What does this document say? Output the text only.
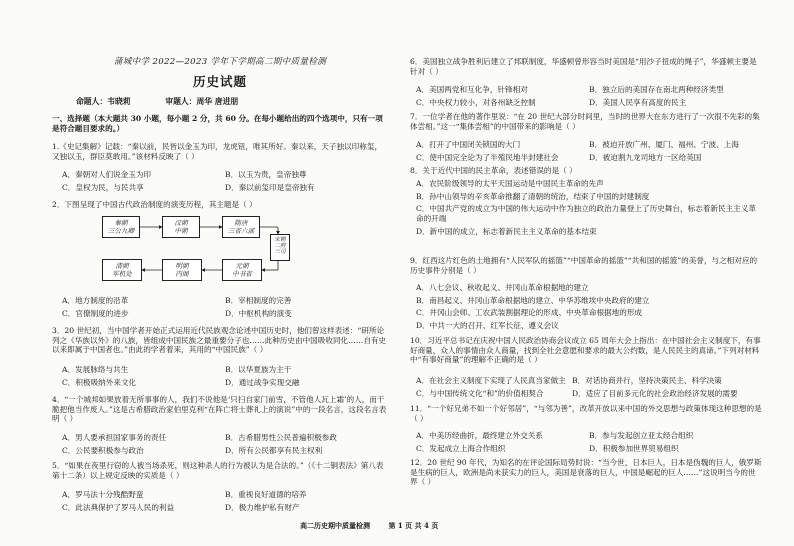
蒲城中学 2022—2023 学年下学期高二期中质量检测
历史试题
命题人：韦晓莉	审题人：周华 唐进朋
一、选择题（本大题共 30 小题，每小题 2 分，共 60 分。在每小题给出的四个选项中，只有一项是符合题目要求的。）
1.《史记集解》记载：“秦以前，民皆以金玉为印，龙虎钮，唯其所好。秦以来，天子独以印称玺，又独以玉，群臣莫敢用。”该材料反映了（ ）
A．秦朝对人们说金玉为印	B．以玉为贵，皇帝独尊
C．皇权为民，与民共享	D．秦以前玺印是皇帝独有
2．下图呈现了中国古代政治制度的演变历程，其主题是（ ）
A．地方制度的沿革	B．宰相制度的完善
C．官僚制度的进步	D．中枢机构的演变
3．20 世纪初，当中国学者开始正式运用近代民族观念论述中国历史时，他们曾这样表述：“研所论列之《华族以外》的八族，皆组成中国民族之最重要分子也……此种历史由中国吸收同化……自有史以来即属于中国者也。”由此的学者着来，其用的“中国民族”（ ）
A．发展脉络与共生	B．以华夏族为主干
C．积极吸纳外来文化	D．通过战争实现交融
4．“一个城邦如果放着无所事事的人，我们不说他是‘只扫自家门前雪，不管他人瓦上霜’的人，而干脆把他当作废人。”这是古希腊政治家伯里克利“在阵亡将士葬礼上的演说”中的一段名言，这段名言表明（ ）
A．男人要承担国家事务的责任	B．古希腊男性公民普遍积极参政
C．公民要积极参与政治	D．所有公民都享有民主权利
5．“如果在夜里行窃的人被当场杀死，则这种杀人的行为被认为是合法的。”（《十二铜表法》第八表第十二条）以上规定反映的实质是（ ）
A．罗马法十分残酷野蛮	B．重视良好道德的培养
C．此法典保护了罗马人民的利益	D．极力维护私有财产
秦朝
三公九卿
汉朝
中朝
隋唐
三省六部
宋朝
二府三司
清朝
军机处
明朝
内阁
元朝
中书省
6．美国独立战争胜利后建立了邦联制度，华盛顿曾形容当时美国是“用沙子扭成的绳子”，华盛顿主要是针对（ ）
A．美国两党和互化争，针锋相对	B．独立后的美国存在南北两种经济类型
C．中央权力较小，对各州缺乏控制	D．美国人民享有高度的民主
7．一位学者在他的著作里说：“在 20 世纪大部分时间里，当时的世界大在东方进行了一次很不先彩的集体尝相。”这一“集体尝相”的中国带来的影响是（ ）
A．打开了中国闭关锁国的大门	B．被迫开放广州、厦门、福州、宁波、上海
C．使中国完全论为了半殖民地半封建社会	D．被迫割九龙司地方一区给英国
8．关于近代中国的民主革命，表述错误的是（ ）
A．农民阶级领导的太平天国运动是中国民主革命的先声
B．孙中山领导的辛亥革命推翻了清朝的统治，结束了中国的封建制度
C．中国共产党的成立为中国的伟大运动中作为独立的政治力量登上了历史舞台，标志着新民主主义革命的开端
D．新中国的成立，标志着新民主主义革命的基本结束
9．红西这片红色的土地拥有“人民军队的摇篮”“中国革命的摇篮”“共和国的摇篮”的美誉，与之相对应的历史事件分别是（ ）
A．八七会议、秋收起义、井冈山革命根据地的建立
B．南昌起义、井冈山革命根据地的建立、中华苏维埃中央政府的建立
C．井冈山会师、工农武装割据理论的形成、中央革命根据地的形成
D．中共一大的召开、红军长征、遵义会议
10．习近平总书记在庆祝中国人民政治协商会议成立 65 周年大会上指出：在中国社会主义制度下，有事好商量，众人的事情由众人商量，找到全社会意愿和要求的最大公约数，是人民民主的真谛。”下列对材料中“有事好商量”的理解不正确的是（ ）
A．在社会主义制度下实现了人民真当家做主 B．对话协商并行，坚持决策民主、科学决策
C．与中国传统文化“和”的价值相契合	D．适应了目前多元化的社会政治经济发展的需要
11．“一个好兄弟不如一个好邻居”，“与邻为善”，改革开放以来中国的外交思想与政策体现这种思想的是（ ）
A．中美历经曲折，最终建立外交关系	B．参与发起创立亚太经合组织
C．发起成立上海合作组织	D．积极参加世界贸易组织
12．20 世纪 90 年代，为知名的在评论国际局势时说：“当今世，日本巨人，日本是伪魏的巨人，俄罗斯是生病的巨人，欧洲是尚未获实力的巨人，美国是衰落的巨人，中国是崛起的巨人……”这说明当今的世界（ ）
高二历史期中质量检测	第 1 页 共 4 页
